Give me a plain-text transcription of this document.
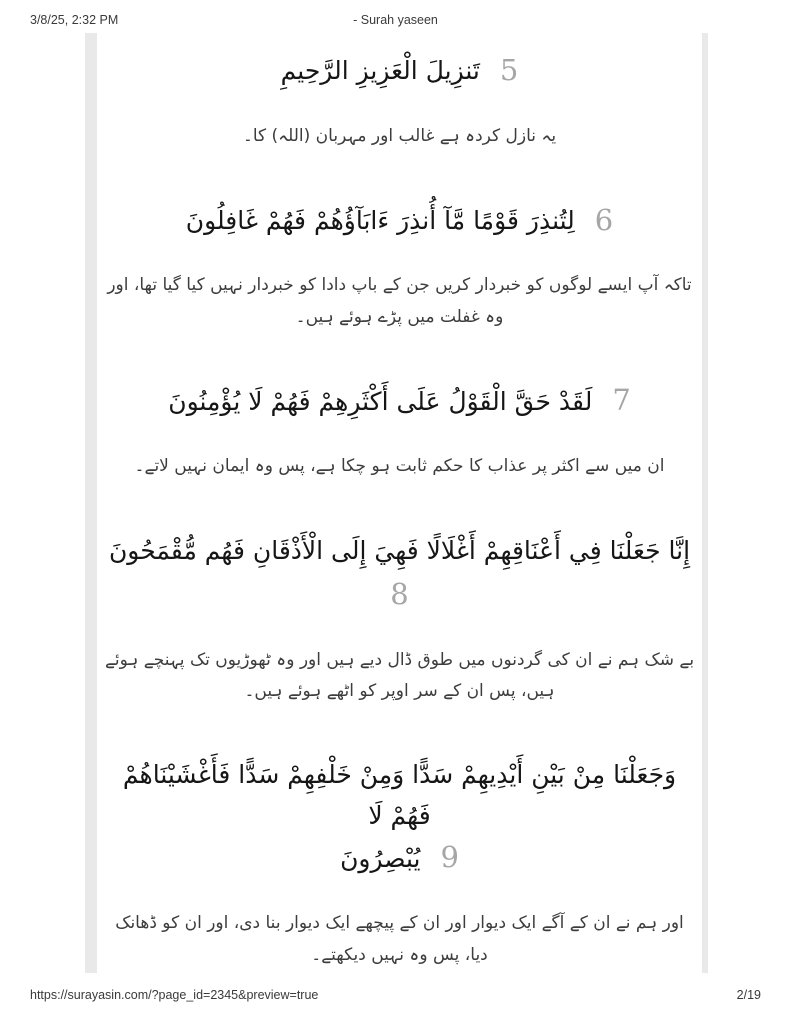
3/8/25, 2:32 PM	- Surah yaseen
تَنزِيلَ الْعَزِيزِ الرَّحِيمِ 5

یہ نازل کردہ ہے غالب اور مہربان (اللہ) کا۔

لِتُنذِرَ قَوْمًا مَّآ أُنذِرَ ءَابَآؤُهُمْ فَهُمْ غَافِلُونَ 6

تاکہ آپ ایسے لوگوں کو خبردار کریں جن کے باپ دادا کو خبردار نہیں کیا گیا تھا، اور وہ غفلت میں پڑے ہوئے ہیں۔

لَقَدْ حَقَّ الْقَوْلُ عَلَى أَكْثَرِهِمْ فَهُمْ لَا يُؤْمِنُونَ 7

ان میں سے اکثر پر عذاب کا حکم ثابت ہو چکا ہے، پس وہ ایمان نہیں لاتے۔

إِنَّا جَعَلْنَا فِي أَعْنَاقِهِمْ أَغْلَالًا فَهِيَ إِلَى الْأَذْقَانِ فَهُم مُّقْمَحُونَ
8

بے شک ہم نے ان کی گردنوں میں طوق ڈال دیے ہیں اور وہ ٹھوڑیوں تک پہنچے ہوئے ہیں، پس ان کے سر اوپر کو اٹھے ہوئے ہیں۔

وَجَعَلْنَا مِنْ بَيْنِ أَيْدِيهِمْ سَدًّا وَمِنْ خَلْفِهِمْ سَدًّا فَأَغْشَيْنَاهُمْ فَهُمْ لَا
يُبْصِرُونَ 9

اور ہم نے ان کے آگے ایک دیوار اور ان کے پیچھے ایک دیوار بنا دی، اور ان کو ڈھانک دیا، پس وہ نہیں دیکھتے۔

https://surayasin.com/?page_id=2345&preview=true	2/19
